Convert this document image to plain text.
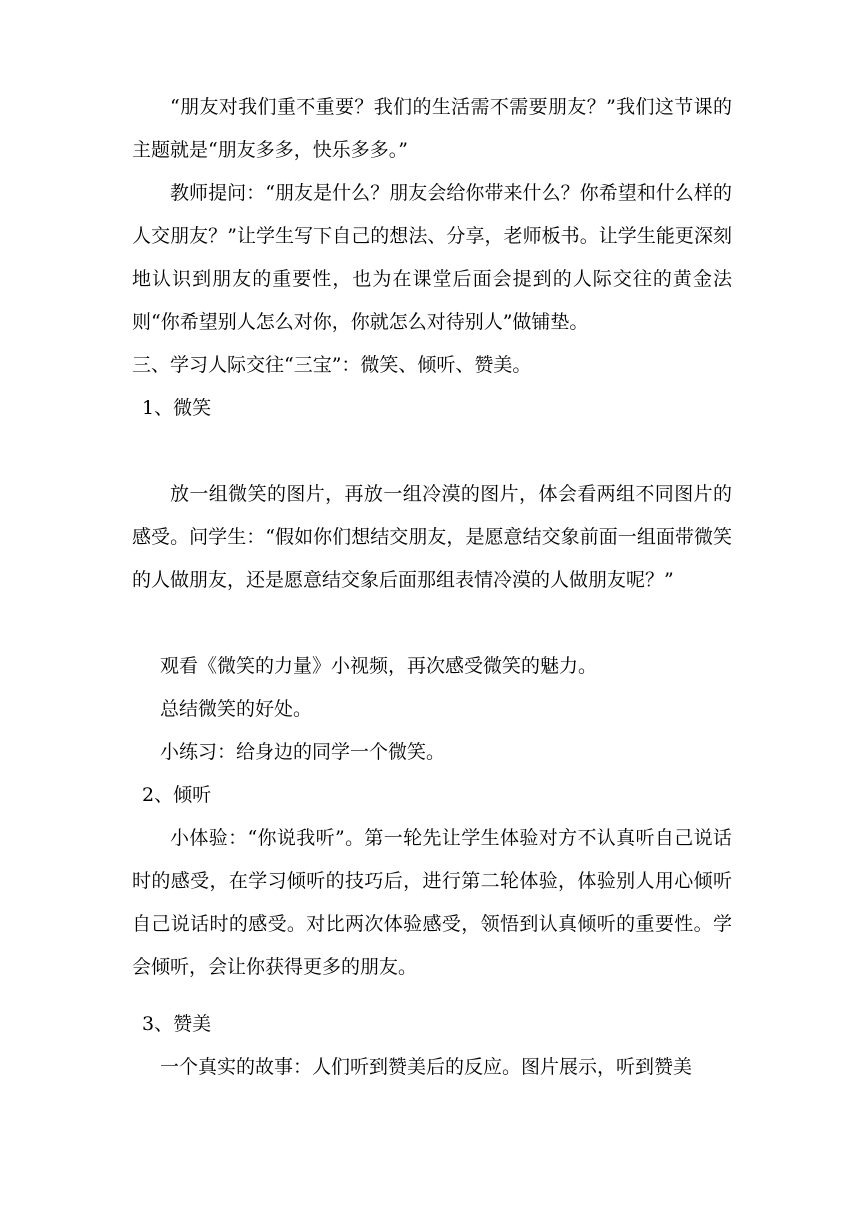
“朋友对我们重不重要？我们的生活需不需要朋友？”我们这节课的主题就是“朋友多多，快乐多多。”

教师提问：“朋友是什么？朋友会给你带来什么？你希望和什么样的人交朋友？”让学生写下自己的想法、分享，老师板书。让学生能更深刻地认识到朋友的重要性，也为在课堂后面会提到的人际交往的黄金法则“你希望别人怎么对你，你就怎么对待别人”做铺垫。

三、学习人际交往“三宝”：微笑、倾听、赞美。

1、微笑

放一组微笑的图片，再放一组冷漠的图片，体会看两组不同图片的感受。问学生：“假如你们想结交朋友，是愿意结交象前面一组面带微笑的人做朋友，还是愿意结交象后面那组表情冷漠的人做朋友呢？”

观看《微笑的力量》小视频，再次感受微笑的魅力。

总结微笑的好处。

小练习：给身边的同学一个微笑。

2、倾听

小体验：“你说我听”。第一轮先让学生体验对方不认真听自己说话时的感受，在学习倾听的技巧后，进行第二轮体验，体验别人用心倾听自己说话时的感受。对比两次体验感受，领悟到认真倾听的重要性。学会倾听，会让你获得更多的朋友。

3、赞美

一个真实的故事：人们听到赞美后的反应。图片展示，听到赞美
